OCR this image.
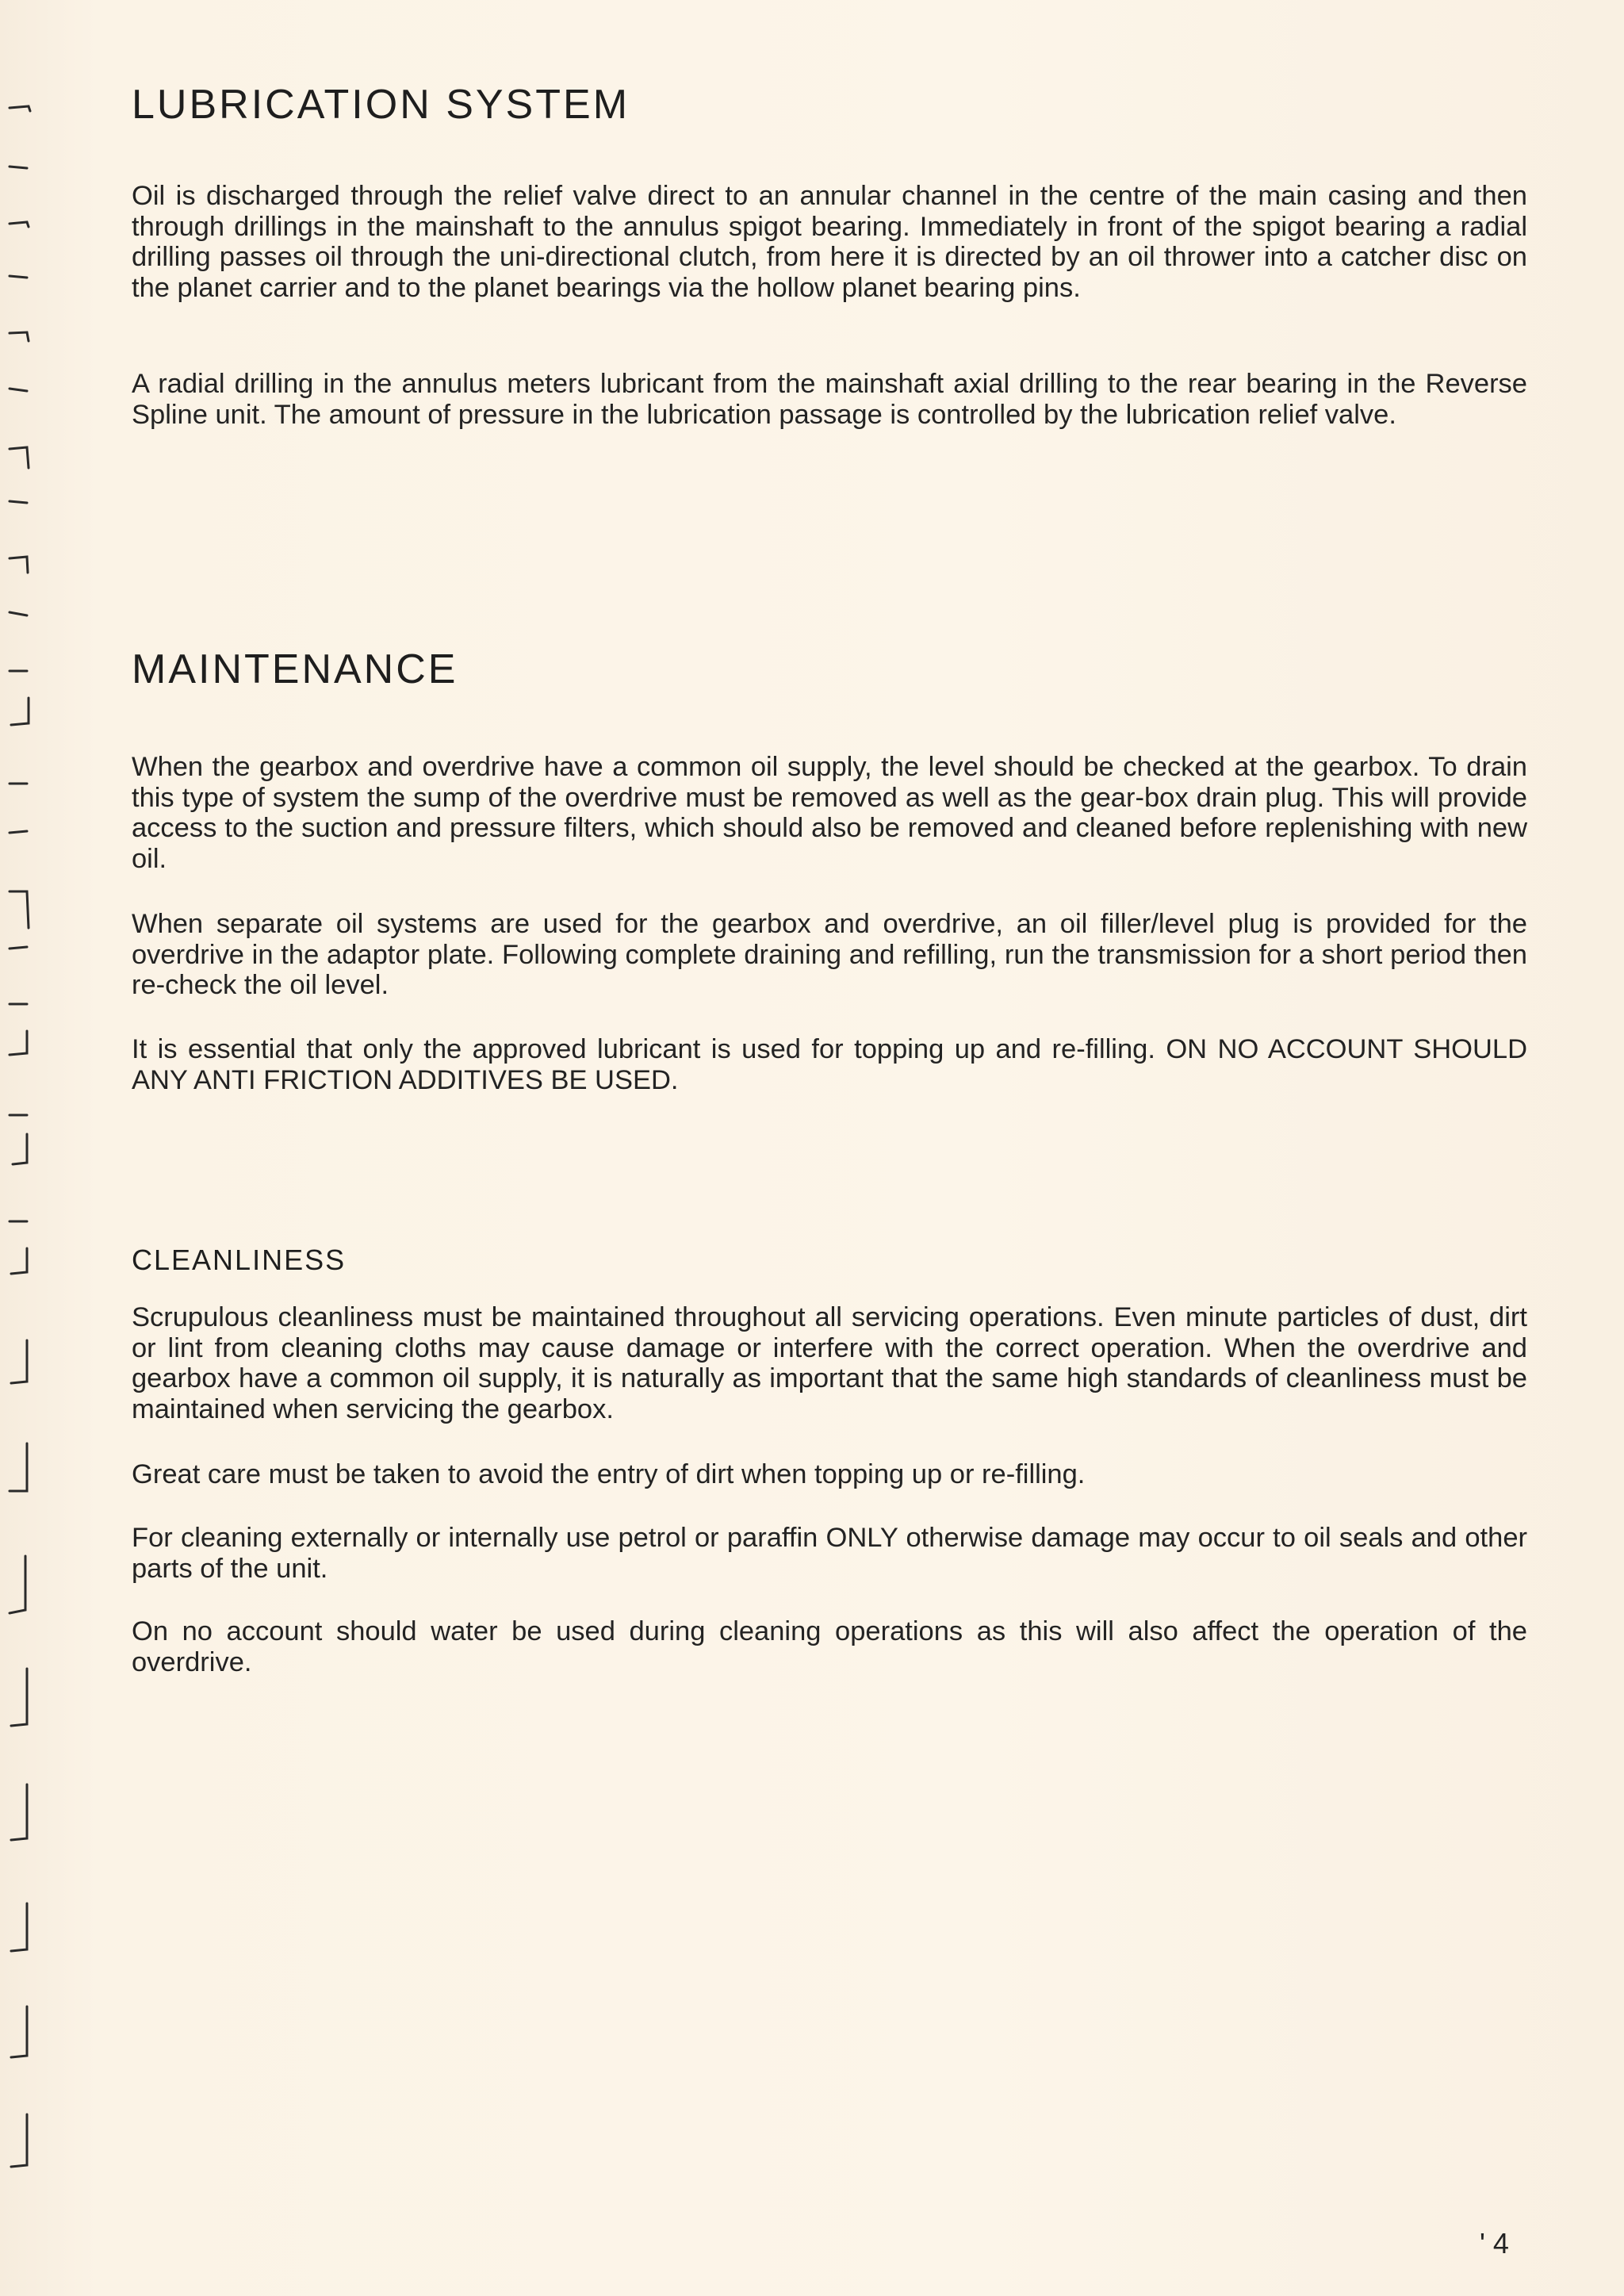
LUBRICATION SYSTEM

Oil is discharged through the relief valve direct to an annular channel in the centre of the main casing and then through drillings in the mainshaft to the annulus spigot bearing. Immediately in front of the spigot bearing a radial drilling passes oil through the uni-directional clutch, from here it is directed by an oil thrower into a catcher disc on the planet carrier and to the planet bearings via the hollow planet bearing pins.

A radial drilling in the annulus meters lubricant from the mainshaft axial drilling to the rear bearing in the Reverse Spline unit. The amount of pressure in the lubrication passage is controlled by the lubrication relief valve.

MAINTENANCE

When the gearbox and overdrive have a common oil supply, the level should be checked at the gearbox. To drain this type of system the sump of the overdrive must be removed as well as the gear-box drain plug. This will provide access to the suction and pressure filters, which should also be removed and cleaned before replenishing with new oil.

When separate oil systems are used for the gearbox and overdrive, an oil filler/level plug is provided for the overdrive in the adaptor plate. Following complete draining and refilling, run the transmission for a short period then re-check the oil level.

It is essential that only the approved lubricant is used for topping up and re-filling. ON NO ACCOUNT SHOULD ANY ANTI FRICTION ADDITIVES BE USED.

CLEANLINESS

Scrupulous cleanliness must be maintained throughout all servicing operations. Even minute particles of dust, dirt or lint from cleaning cloths may cause damage or interfere with the correct operation. When the overdrive and gearbox have a common oil supply, it is naturally as important that the same high standards of cleanliness must be maintained when servicing the gearbox.

Great care must be taken to avoid the entry of dirt when topping up or re-filling.

For cleaning externally or internally use petrol or paraffin ONLY otherwise damage may occur to oil seals and other parts of the unit.

On no account should water be used during cleaning operations as this will also affect the operation of the overdrive.

' 4
